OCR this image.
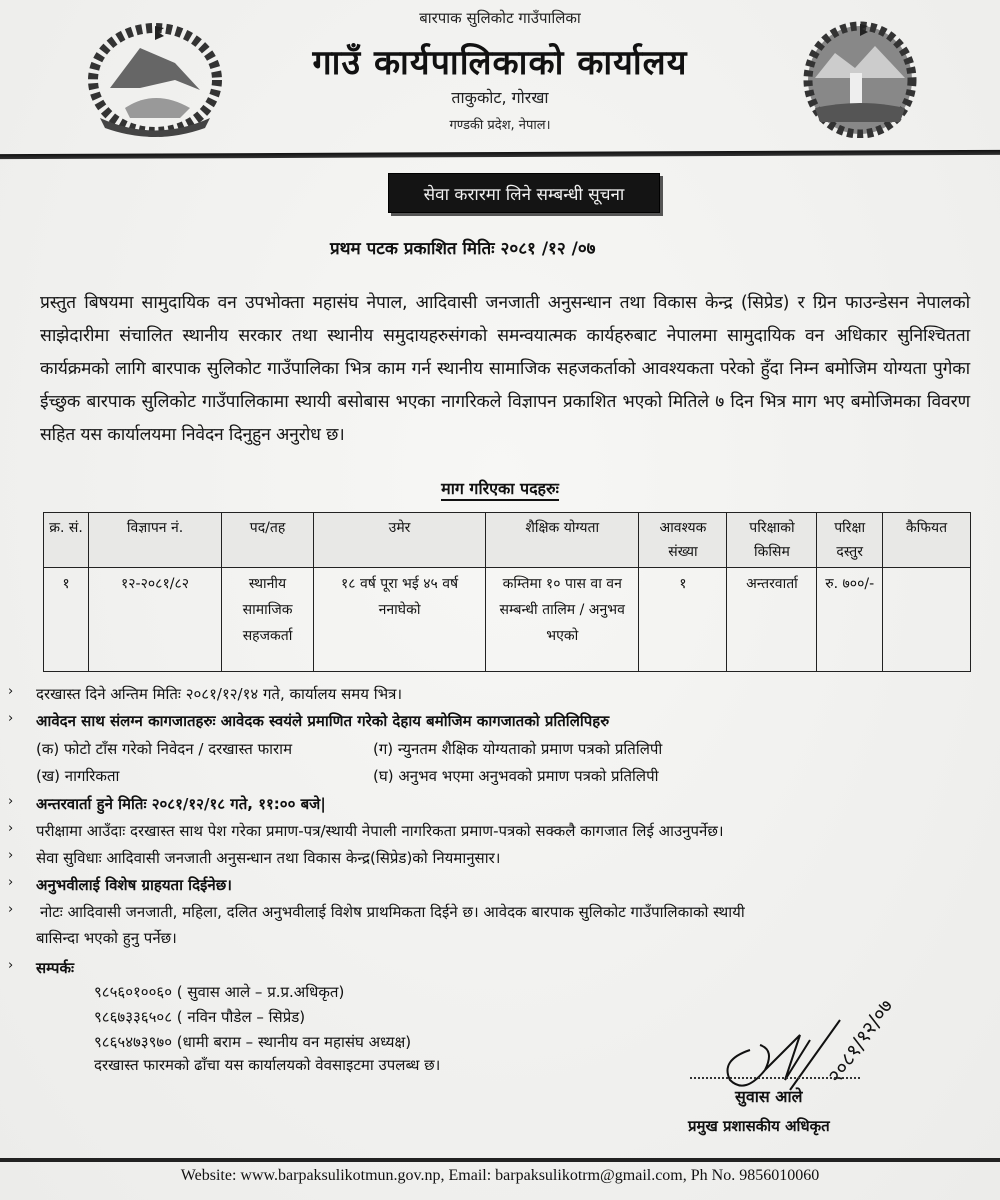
बारपाक सुलिकोट गाउँपालिका
गाउँ कार्यपालिकाको कार्यालय
ताकुकोट, गोरखा
गण्डकी प्रदेश, नेपाल।
सेवा करारमा लिने सम्बन्धी सूचना
प्रथम पटक प्रकाशित मितिः २०८१ /१२ /०७
प्रस्तुत बिषयमा सामुदायिक वन उपभोक्ता महासंघ नेपाल, आदिवासी जनजाती अनुसन्धान तथा विकास केन्द्र (सिप्रेड) र ग्रिन फाउन्डेसन नेपालको साझेदारीमा संचालित स्थानीय सरकार तथा स्थानीय समुदायहरुसंगको समन्वयात्मक कार्यहरुबाट नेपालमा सामुदायिक वन अधिकार सुनिश्चितता कार्यक्रमको लागि बारपाक सुलिकोट गाउँपालिका भित्र काम गर्न स्थानीय सामाजिक सहजकर्ताको आवश्यकता परेको हुँदा निम्न बमोजिम योग्यता पुगेका ईच्छुक बारपाक सुलिकोट गाउँपालिकामा स्थायी बसोबास भएका नागरिकले विज्ञापन प्रकाशित भएको मितिले ७ दिन भित्र माग भए बमोजिमका विवरण सहित यस कार्यालयमा निवेदन दिनुहुन अनुरोध छ।
माग गरिएका पदहरुः
क्र. सं.	विज्ञापन नं.	पद/तह	उमेर	शैक्षिक योग्यता	आवश्यक संख्या	परिक्षाको किसिम	परिक्षा दस्तुर	कैफियत
१	१२-२०८१/८२	स्थानीय सामाजिक सहजकर्ता	१८ वर्ष पूरा भई ४५ वर्ष ननाघेको	कम्तिमा १० पास वा वन सम्बन्धी तालिम / अनुभव भएको	१	अन्तरवार्ता	रु. ७००/-	
›	दरखास्त दिने अन्तिम मितिः २०८१/१२/१४ गते, कार्यालय समय भित्र।
›	आवेदन साथ संलग्न कागजातहरुः आवेदक स्वयंले प्रमाणित गरेको देहाय बमोजिम कागजातको प्रतिलिपिहरु
(क) फोटो टाँस गरेको निवेदन / दरखास्त फाराम	(ग) न्युनतम शैक्षिक योग्यताको प्रमाण पत्रको प्रतिलिपी
(ख) नागरिकता	(घ) अनुभव भएमा अनुभवको प्रमाण पत्रको प्रतिलिपी
›	अन्तरवार्ता हुने मितिः २०८१/१२/१८ गते, ११:०० बजे|
›	परीक्षामा आउँदाः दरखास्त साथ पेश गरेका प्रमाण-पत्र/स्थायी नेपाली नागरिकता प्रमाण-पत्रको सक्कलै कागजात लिई आउनुपर्नेछ।
›	सेवा सुविधाः आदिवासी जनजाती अनुसन्धान तथा विकास केन्द्र(सिप्रेड)को नियमानुसार।
›	अनुभवीलाई विशेष ग्राहयता दिईनेछ।
›	नोटः आदिवासी जनजाती, महिला, दलित अनुभवीलाई विशेष प्राथमिकता दिईने छ। आवेदक बारपाक सुलिकोट गाउँपालिकाको स्थायी
बासिन्दा भएको हुनु पर्नेछ।
›	सम्पर्कः
९८५६०१००६० ( सुवास आले – प्र.प्र.अधिकृत)
९८६७३३६५०८ ( नविन पौडेल – सिप्रेड)
९८६५४७३९७० (धामी बराम – स्थानीय वन महासंघ अध्यक्ष)
दरखास्त फारमको ढाँचा यस कार्यालयको वेवसाइटमा उपलब्ध छ।	२०८१/१२/०७
सुवास आले
प्रमुख प्रशासकीय अधिकृत
Website: www.barpaksulikotmun.gov.np, Email: barpaksulikotrm@gmail.com, Ph No. 9856010060
